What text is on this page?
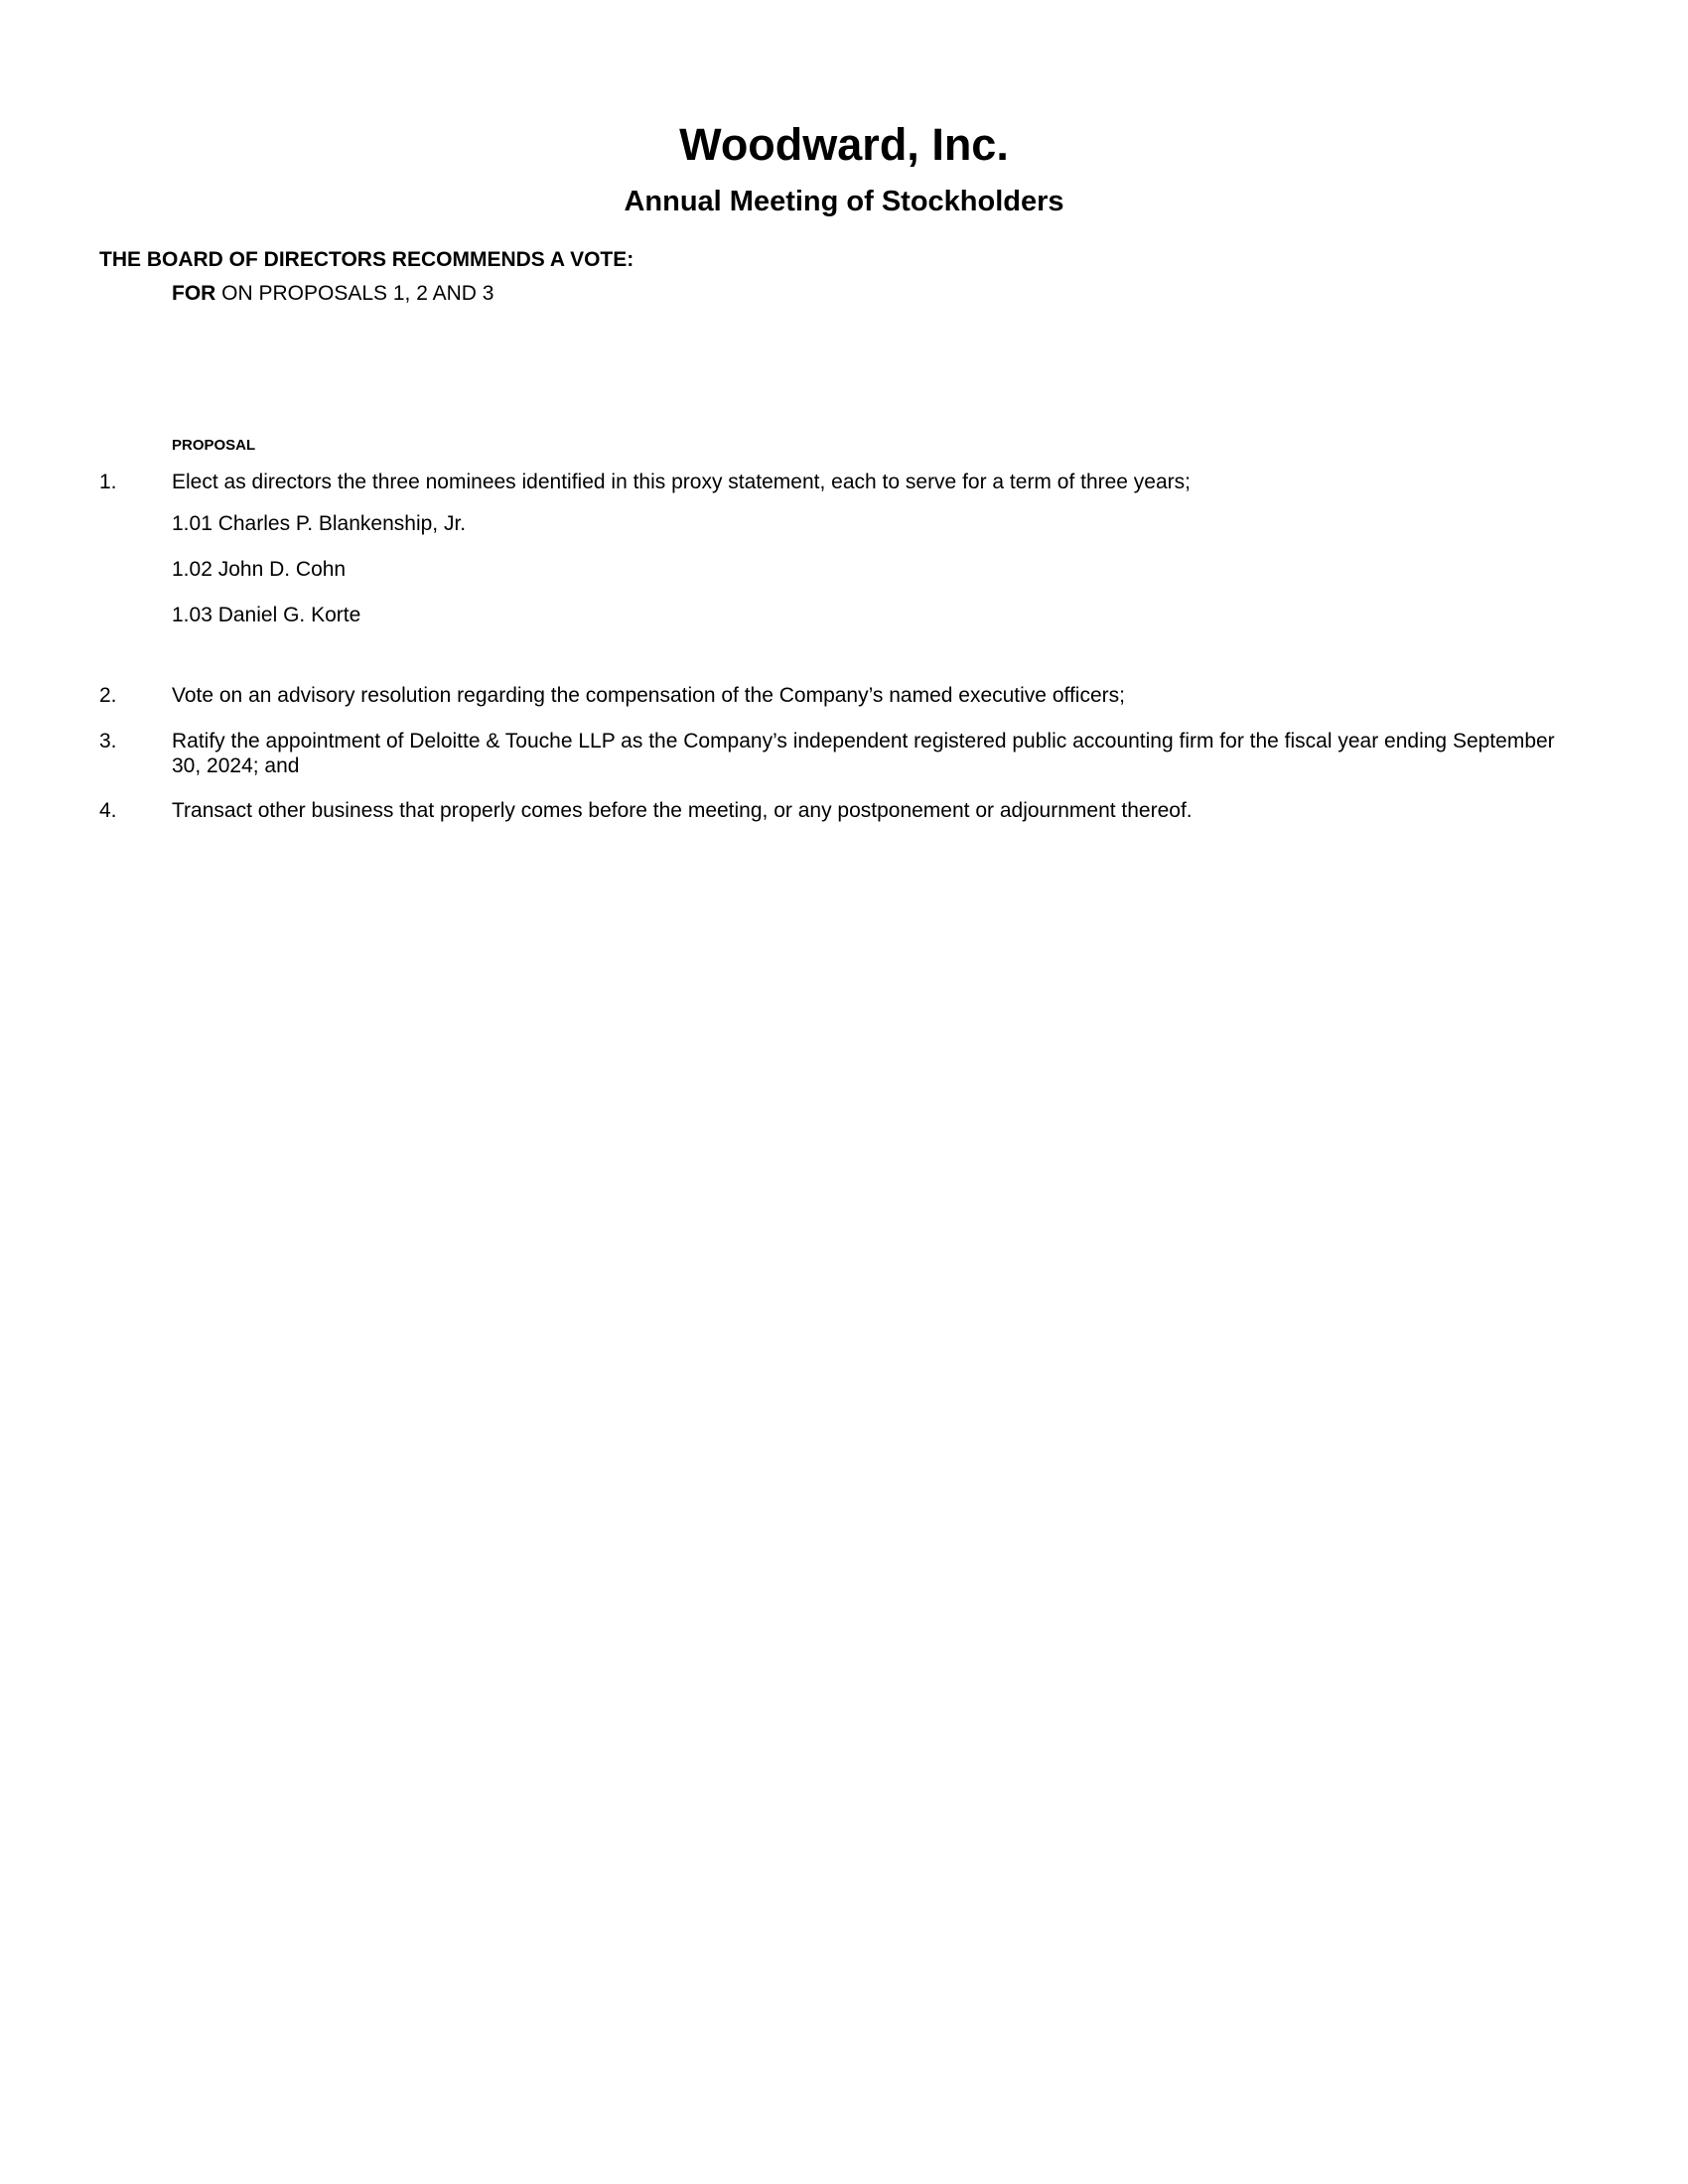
Woodward, Inc.
Annual Meeting of Stockholders
THE BOARD OF DIRECTORS RECOMMENDS A VOTE:
FOR ON PROPOSALS 1, 2 AND 3
PROPOSAL
1.	Elect as directors the three nominees identified in this proxy statement, each to serve for a term of three years;
1.01 Charles P. Blankenship, Jr.
1.02 John D. Cohn
1.03 Daniel G. Korte
2.	Vote on an advisory resolution regarding the compensation of the Company’s named executive officers;
3.	Ratify the appointment of Deloitte & Touche LLP as the Company’s independent registered public accounting firm for the fiscal year ending September 30, 2024; and
4.	Transact other business that properly comes before the meeting, or any postponement or adjournment thereof.
